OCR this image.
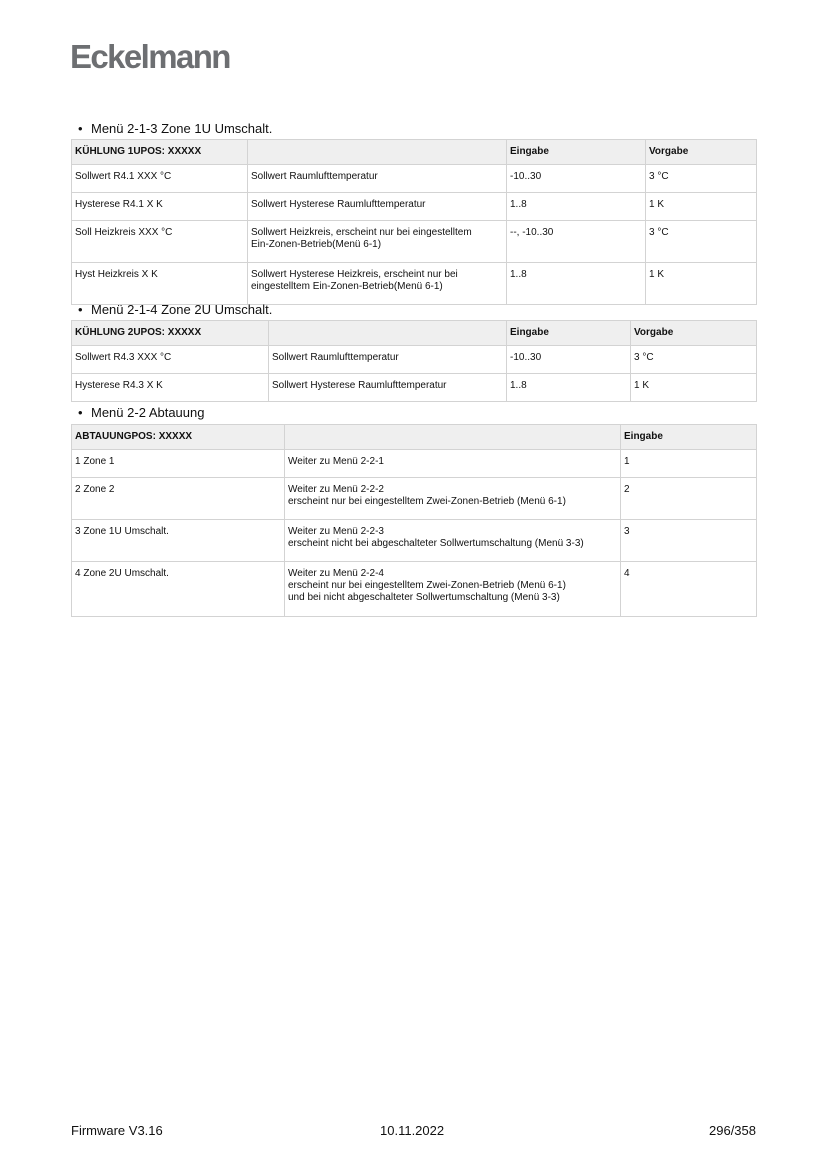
Eckelmann
• Menü 2-1-3 Zone 1U Umschalt.
KÜHLUNG 1UPOS: XXXXX		Eingabe	Vorgabe
Sollwert R4.1 XXX °C	Sollwert Raumlufttemperatur	-10..30	3 °C
Hysterese R4.1 X K	Sollwert Hysterese Raumlufttemperatur	1..8	1 K
Soll Heizkreis XXX °C	Sollwert Heizkreis, erscheint nur bei eingestelltem
Ein-Zonen-Betrieb(Menü 6-1)	--, -10..30	3 °C
Hyst Heizkreis X K	Sollwert Hysterese Heizkreis, erscheint nur bei
eingestelltem Ein-Zonen-Betrieb(Menü 6-1)	1..8	1 K
• Menü 2-1-4 Zone 2U Umschalt.
KÜHLUNG 2UPOS: XXXXX		Eingabe	Vorgabe
Sollwert R4.3 XXX °C	Sollwert Raumlufttemperatur	-10..30	3 °C
Hysterese R4.3 X K	Sollwert Hysterese Raumlufttemperatur	1..8	1 K
• Menü 2-2 Abtauung
ABTAUUNGPOS: XXXXX		Eingabe
1 Zone 1	Weiter zu Menü 2-2-1	1
2 Zone 2	Weiter zu Menü 2-2-2
erscheint nur bei eingestelltem Zwei-Zonen-Betrieb (Menü 6-1)	2
3 Zone 1U Umschalt.	Weiter zu Menü 2-2-3
erscheint nicht bei abgeschalteter Sollwertumschaltung (Menü 3-3)	3
4 Zone 2U Umschalt.	Weiter zu Menü 2-2-4
erscheint nur bei eingestelltem Zwei-Zonen-Betrieb (Menü 6-1)
und bei nicht abgeschalteter Sollwertumschaltung (Menü 3-3)	4
Firmware V3.16	10.11.2022	296/358
